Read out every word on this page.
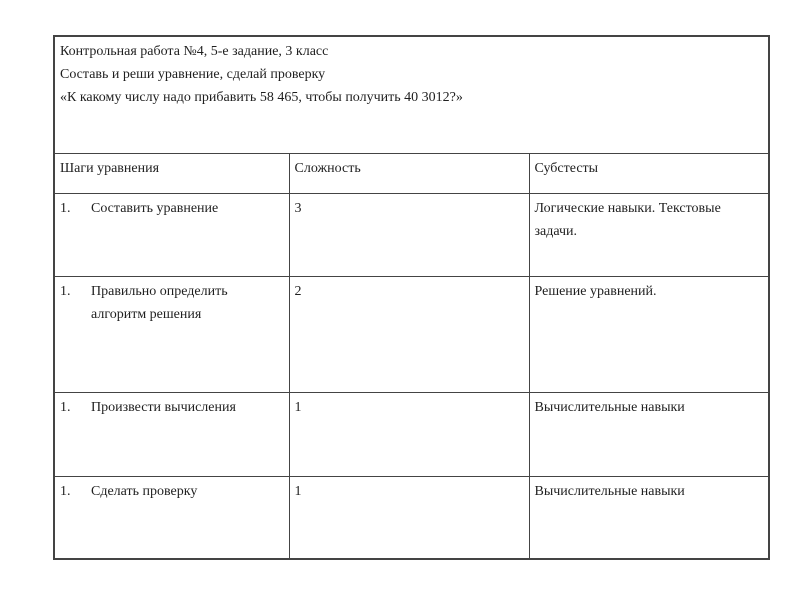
Контрольная работа №4, 5-е задание, 3 класс
Составь и реши уравнение, сделай проверку
«К какому числу надо прибавить 58 465, чтобы получить 40 3012?»		

Шаги уравнения	Сложность	Субстесты

1. Составить уравнение	3	Логические навыки. Текстовые задачи.

1. Правильно определить алгоритм решения	2	Решение уравнений.

1. Произвести вычисления	1	Вычислительные навыки

1. Сделать проверку	1	Вычислительные навыки
